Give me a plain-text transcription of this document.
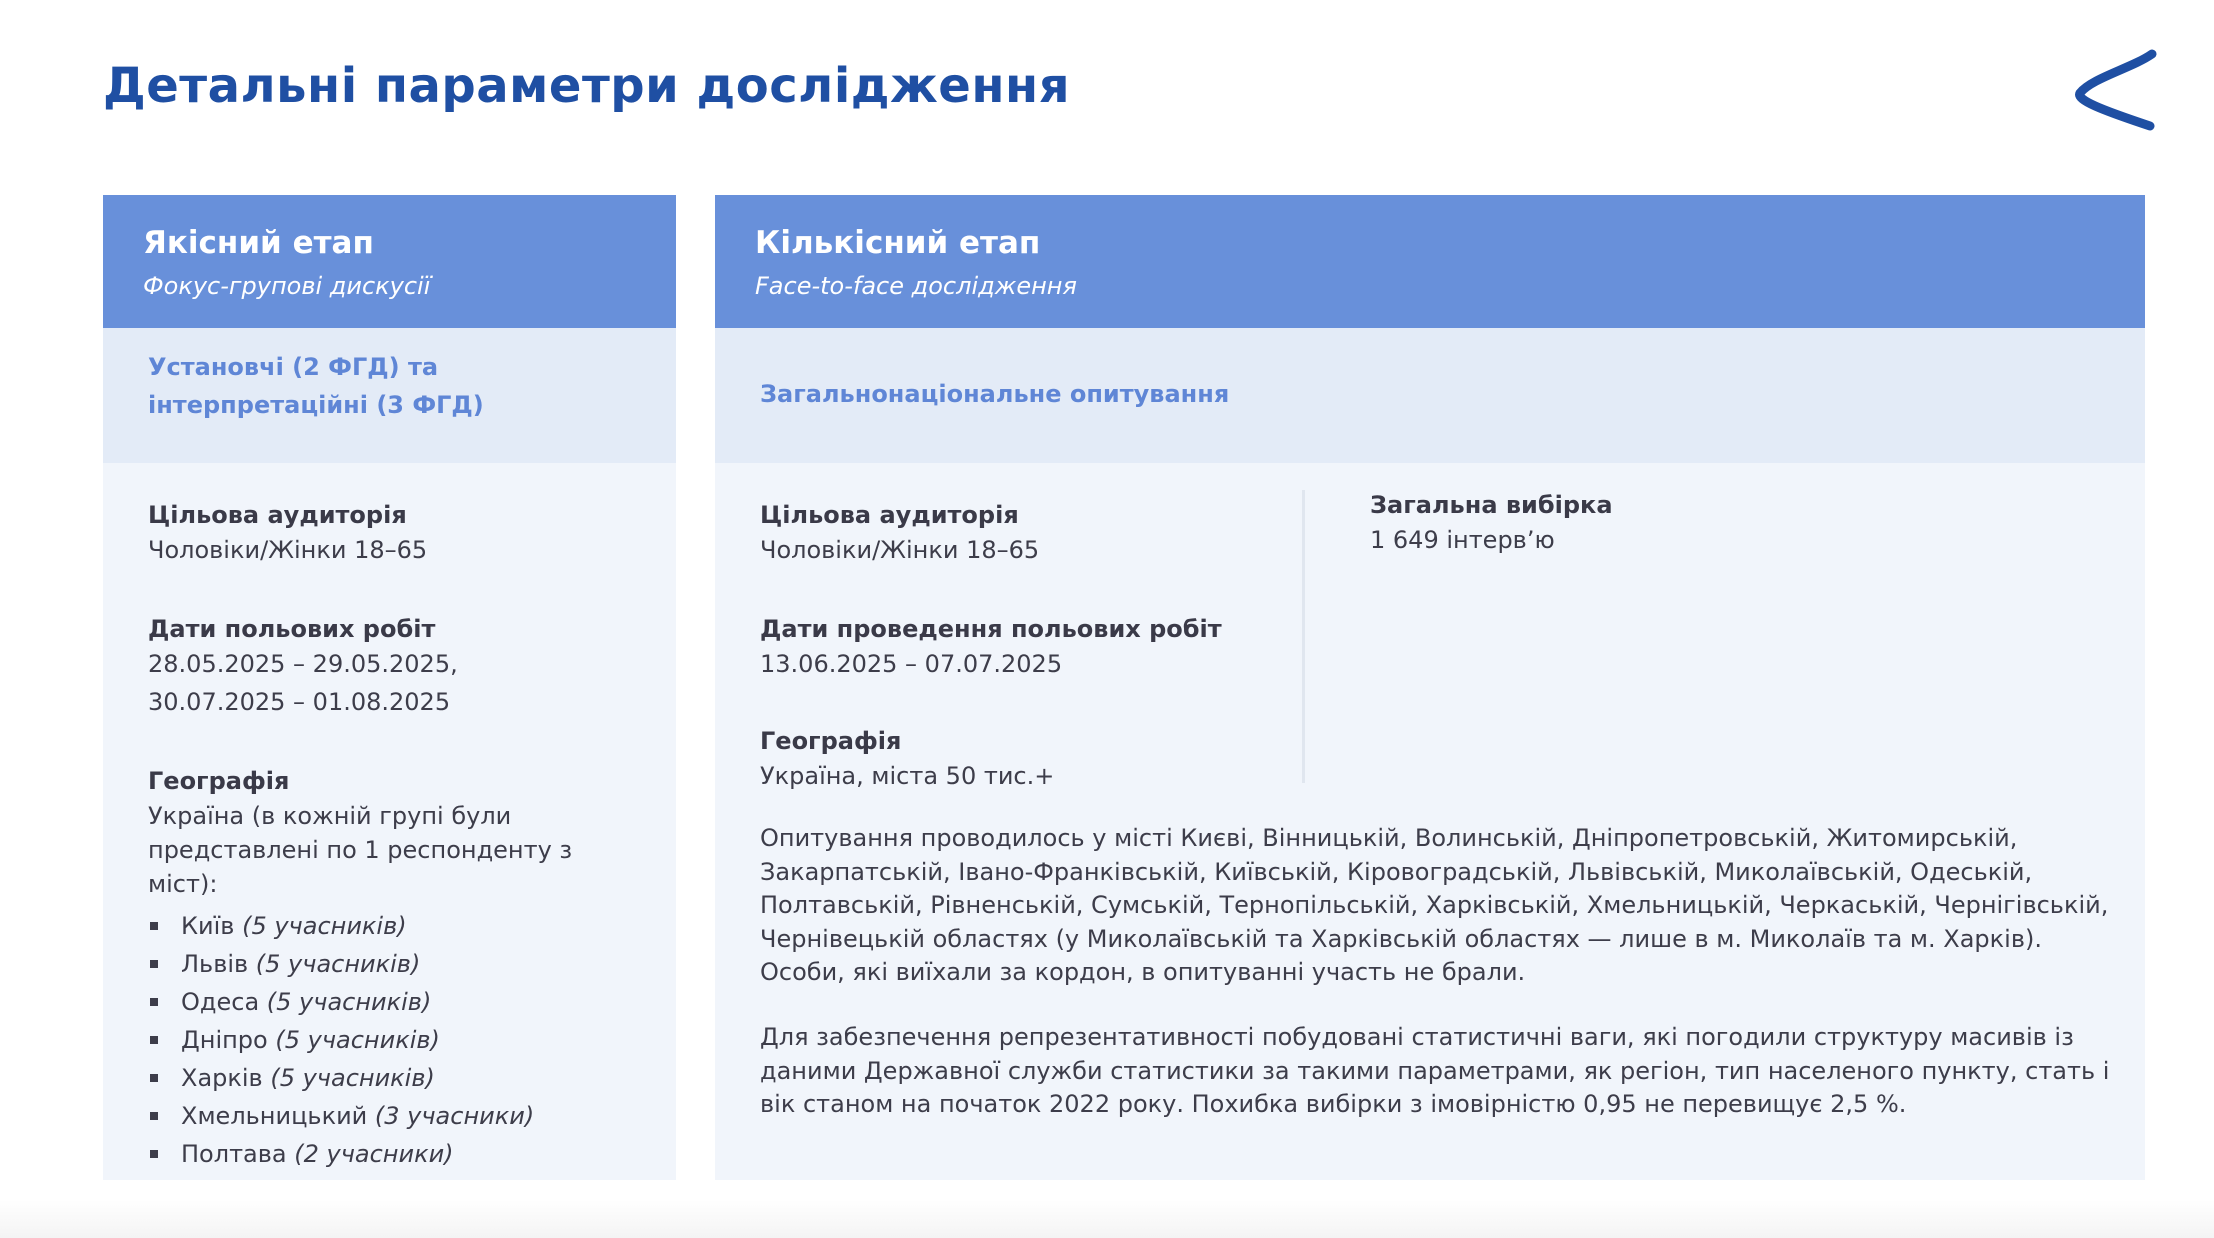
Детальні параметри дослідження
Якісний етап
Фокус-групові дискусії
Установчі (2 ФГД) та інтерпретаційні (3 ФГД)
Цільова аудиторія
Чоловіки/Жінки 18–65
Дати польових робіт
28.05.2025 – 29.05.2025,
30.07.2025 – 01.08.2025
Географія
Україна (в кожній групі були представлені по 1 респонденту з міст):
Київ (5 учасників)
Львів (5 учасників)
Одеса (5 учасників)
Дніпро (5 учасників)
Харків (5 учасників)
Хмельницький (3 учасники)
Полтава (2 учасники)
Кількісний етап
Face-to-face дослідження
Загальнонаціональне опитування
Цільова аудиторія
Чоловіки/Жінки 18–65
Дати проведення польових робіт
13.06.2025 – 07.07.2025
Географія
Україна, міста 50 тис.+
Загальна вибірка
1 649 інтерв’ю
Опитування проводилось у місті Києві, Вінницькій, Волинській, Дніпропетровській, Житомирській, Закарпатській, Івано-Франківській, Київській, Кіровоградській, Львівській, Миколаївській, Одеській, Полтавській, Рівненській, Сумській, Тернопільській, Харківській, Хмельницькій, Черкаській, Чернігівській, Чернівецькій областях (у Миколаївській та Харківській областях — лише в м. Миколаїв та м. Харків). Особи, які виїхали за кордон, в опитуванні участь не брали.
Для забезпечення репрезентативності побудовані статистичні ваги, які погодили структуру масивів із даними Державної служби статистики за такими параметрами, як регіон, тип населеного пункту, стать і вік станом на початок 2022 року. Похибка вибірки з імовірністю 0,95 не перевищує 2,5 %.
